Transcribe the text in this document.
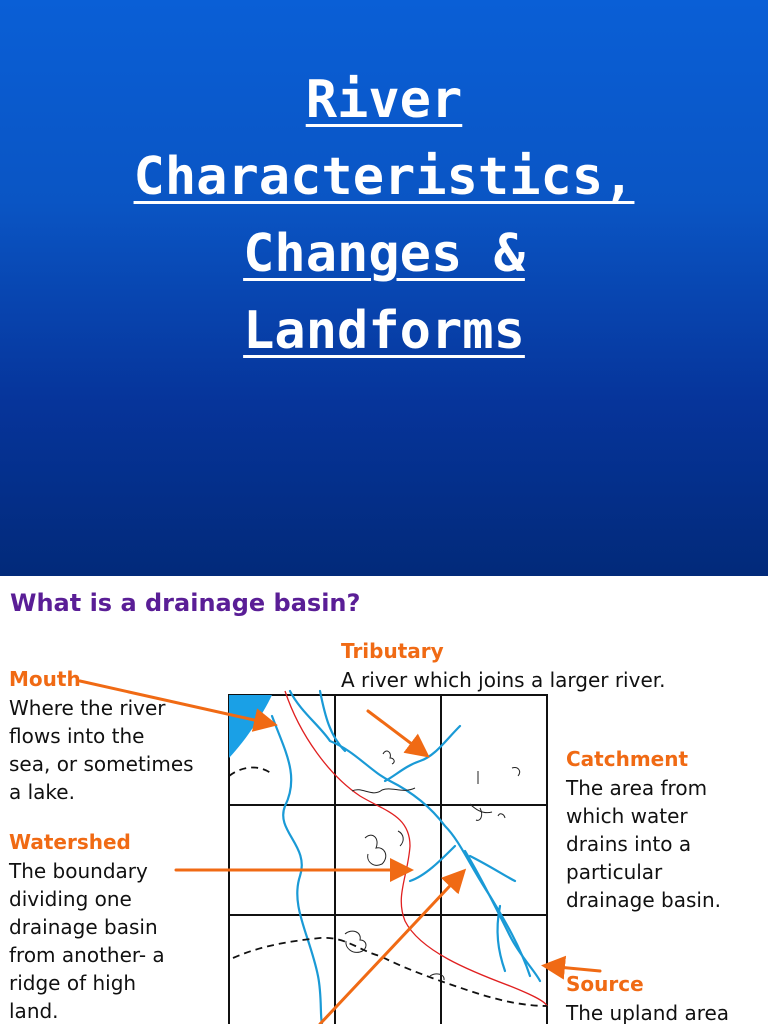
River
Characteristics,
Changes &
Landforms
What is a drainage basin?
Tributary
A river which joins a larger river.
Mouth
Where the river
flows into the
sea, or sometimes
a lake.
Catchment
The area from
which water
drains into a
particular
drainage basin.
Watershed
The boundary
dividing one
drainage basin
from another- a
ridge of high
land.
Source
The upland area
